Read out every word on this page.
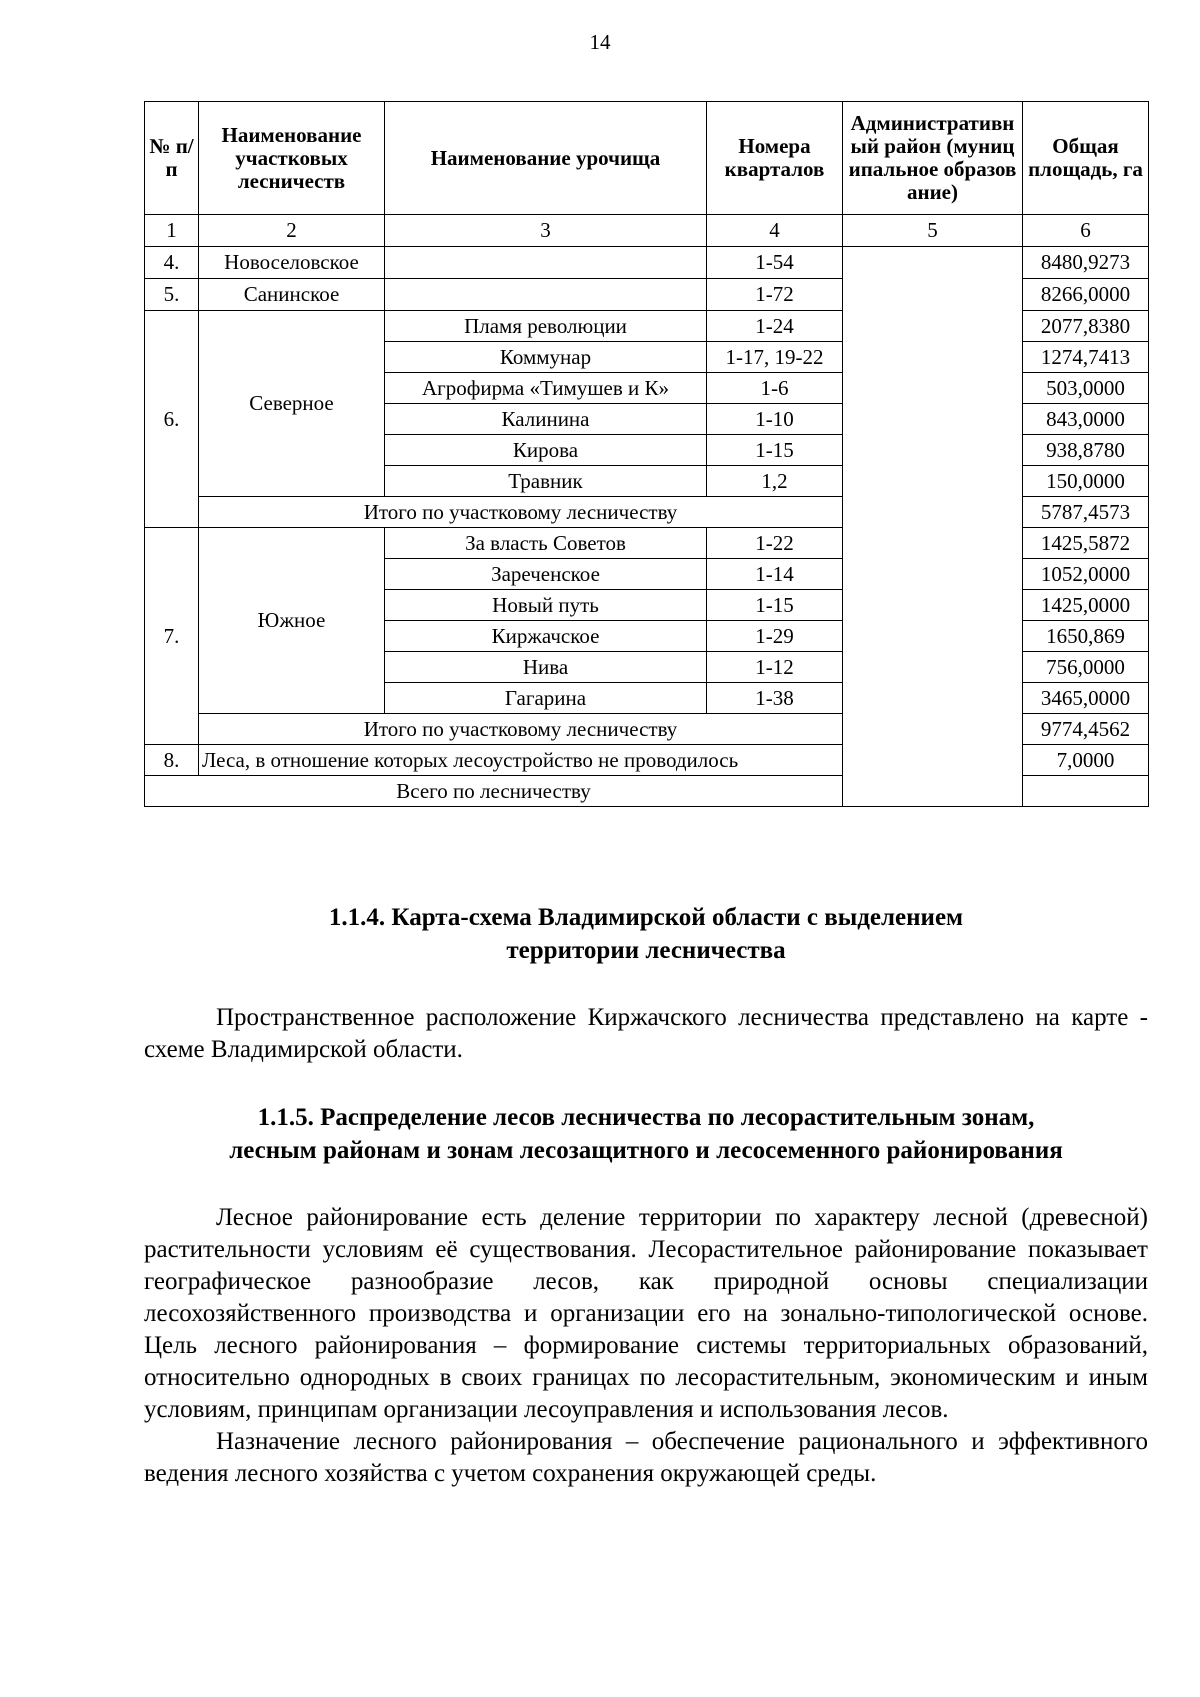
14
№ п/п	Наименование участковых лесничеств	Наименование урочища	Номера кварталов	Административный район (муниципальное образование)	Общая площадь, га	
1	2	3	4	5	6	
4.	Новоселовское		1-54		8480,9273	
5.	Санинское		1-72		8266,0000	
6.	Северное	Пламя революции	1-24		2077,8380	
		Коммунар	1-17, 19-22		1274,7413	
		Агрофирма «Тимушев и К»	1-6		503,0000	
		Калинина	1-10		843,0000	
		Кирова	1-15		938,8780	
		Травник	1,2		150,0000	
	Итого по участковому лесничеству				5787,4573	
7.	Южное	За власть Советов	1-22		1425,5872	
		Зареченское	1-14		1052,0000	
		Новый путь	1-15		1425,0000	
		Киржачское	1-29		1650,869	
		Нива	1-12		756,0000	
		Гагарина	1-38		3465,0000	
	Итого по участковому лесничеству				9774,4562	
8.	Леса, в отношение которых лесоустройство не проводилось				7,0000	
Всего по лесничеству		
1.1.4. Карта-схема Владимирской области с выделением
территории лесничества

Пространственное расположение Киржачского лесничества представлено на карте - схеме Владимирской области.

1.1.5. Распределение лесов лесничества по лесорастительным зонам,
лесным районам и зонам лесозащитного и лесосеменного районирования

Лесное районирование есть деление территории по характеру лесной (древесной) растительности условиям её существования. Лесорастительное районирование показывает географическое разнообразие лесов, как природной основы специализации лесохозяйственного производства и организации его на зонально-типологической основе. Цель лесного районирования – формирование системы территориальных образований, относительно однородных в своих границах по лесорастительным, экономическим и иным условиям, принципам организации лесоуправления и использования лесов.

Назначение лесного районирования – обеспечение рационального и эффективного ведения лесного хозяйства с учетом сохранения окружающей среды.
